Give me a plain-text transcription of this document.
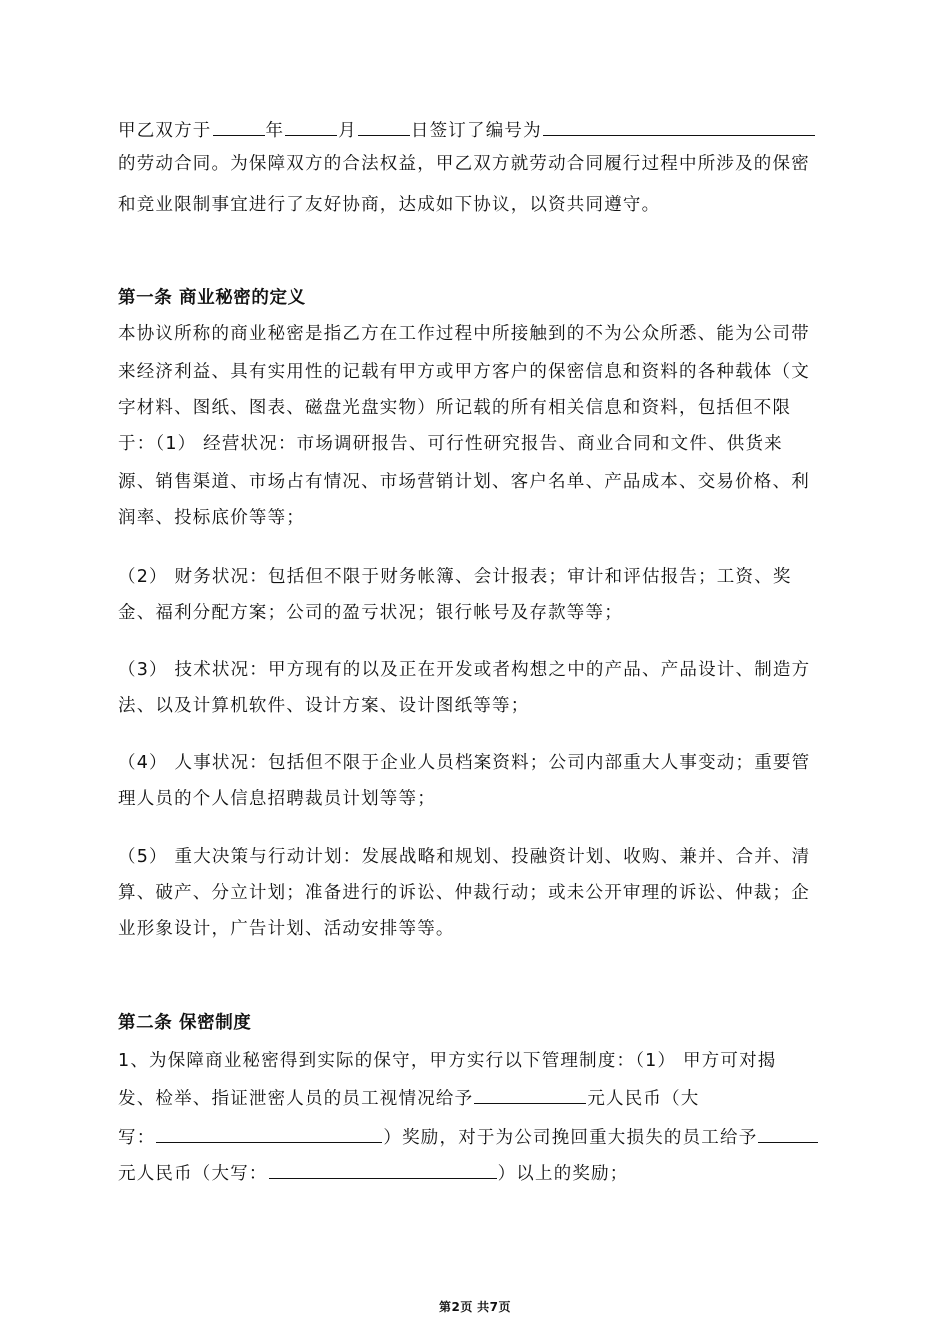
甲乙双方于	年	月	日签订了编号为
的劳动合同。为保障双方的合法权益，甲乙双方就劳动合同履行过程中所涉及的保密
和竞业限制事宜进行了友好协商，达成如下协议，以资共同遵守。
第一条 商业秘密的定义
本协议所称的商业秘密是指乙方在工作过程中所接触到的不为公众所悉、能为公司带
来经济利益、具有实用性的记载有甲方或甲方客户的保密信息和资料的各种载体（文
字材料、图纸、图表、磁盘光盘实物）所记载的所有相关信息和资料，包括但不限
于：（1） 经营状况：市场调研报告、可行性研究报告、商业合同和文件、供货来
源、销售渠道、市场占有情况、市场营销计划、客户名单、产品成本、交易价格、利
润率、投标底价等等；
（2） 财务状况：包括但不限于财务帐簿、会计报表；审计和评估报告；工资、奖
金、福利分配方案；公司的盈亏状况；银行帐号及存款等等；
（3） 技术状况：甲方现有的以及正在开发或者构想之中的产品、产品设计、制造方
法、以及计算机软件、设计方案、设计图纸等等；
（4） 人事状况：包括但不限于企业人员档案资料；公司内部重大人事变动；重要管
理人员的个人信息招聘裁员计划等等；
（5） 重大决策与行动计划：发展战略和规划、投融资计划、收购、兼并、合并、清
算、破产、分立计划；准备进行的诉讼、仲裁行动；或未公开审理的诉讼、仲裁；企
业形象设计，广告计划、活动安排等等。
第二条 保密制度
1、为保障商业秘密得到实际的保守，甲方实行以下管理制度：（1） 甲方可对揭
发、检举、指证泄密人员的员工视情况给予	元人民币（大
写：	）奖励，对于为公司挽回重大损失的员工给予
元人民币（大写：	）以上的奖励；
第2页 共7页
